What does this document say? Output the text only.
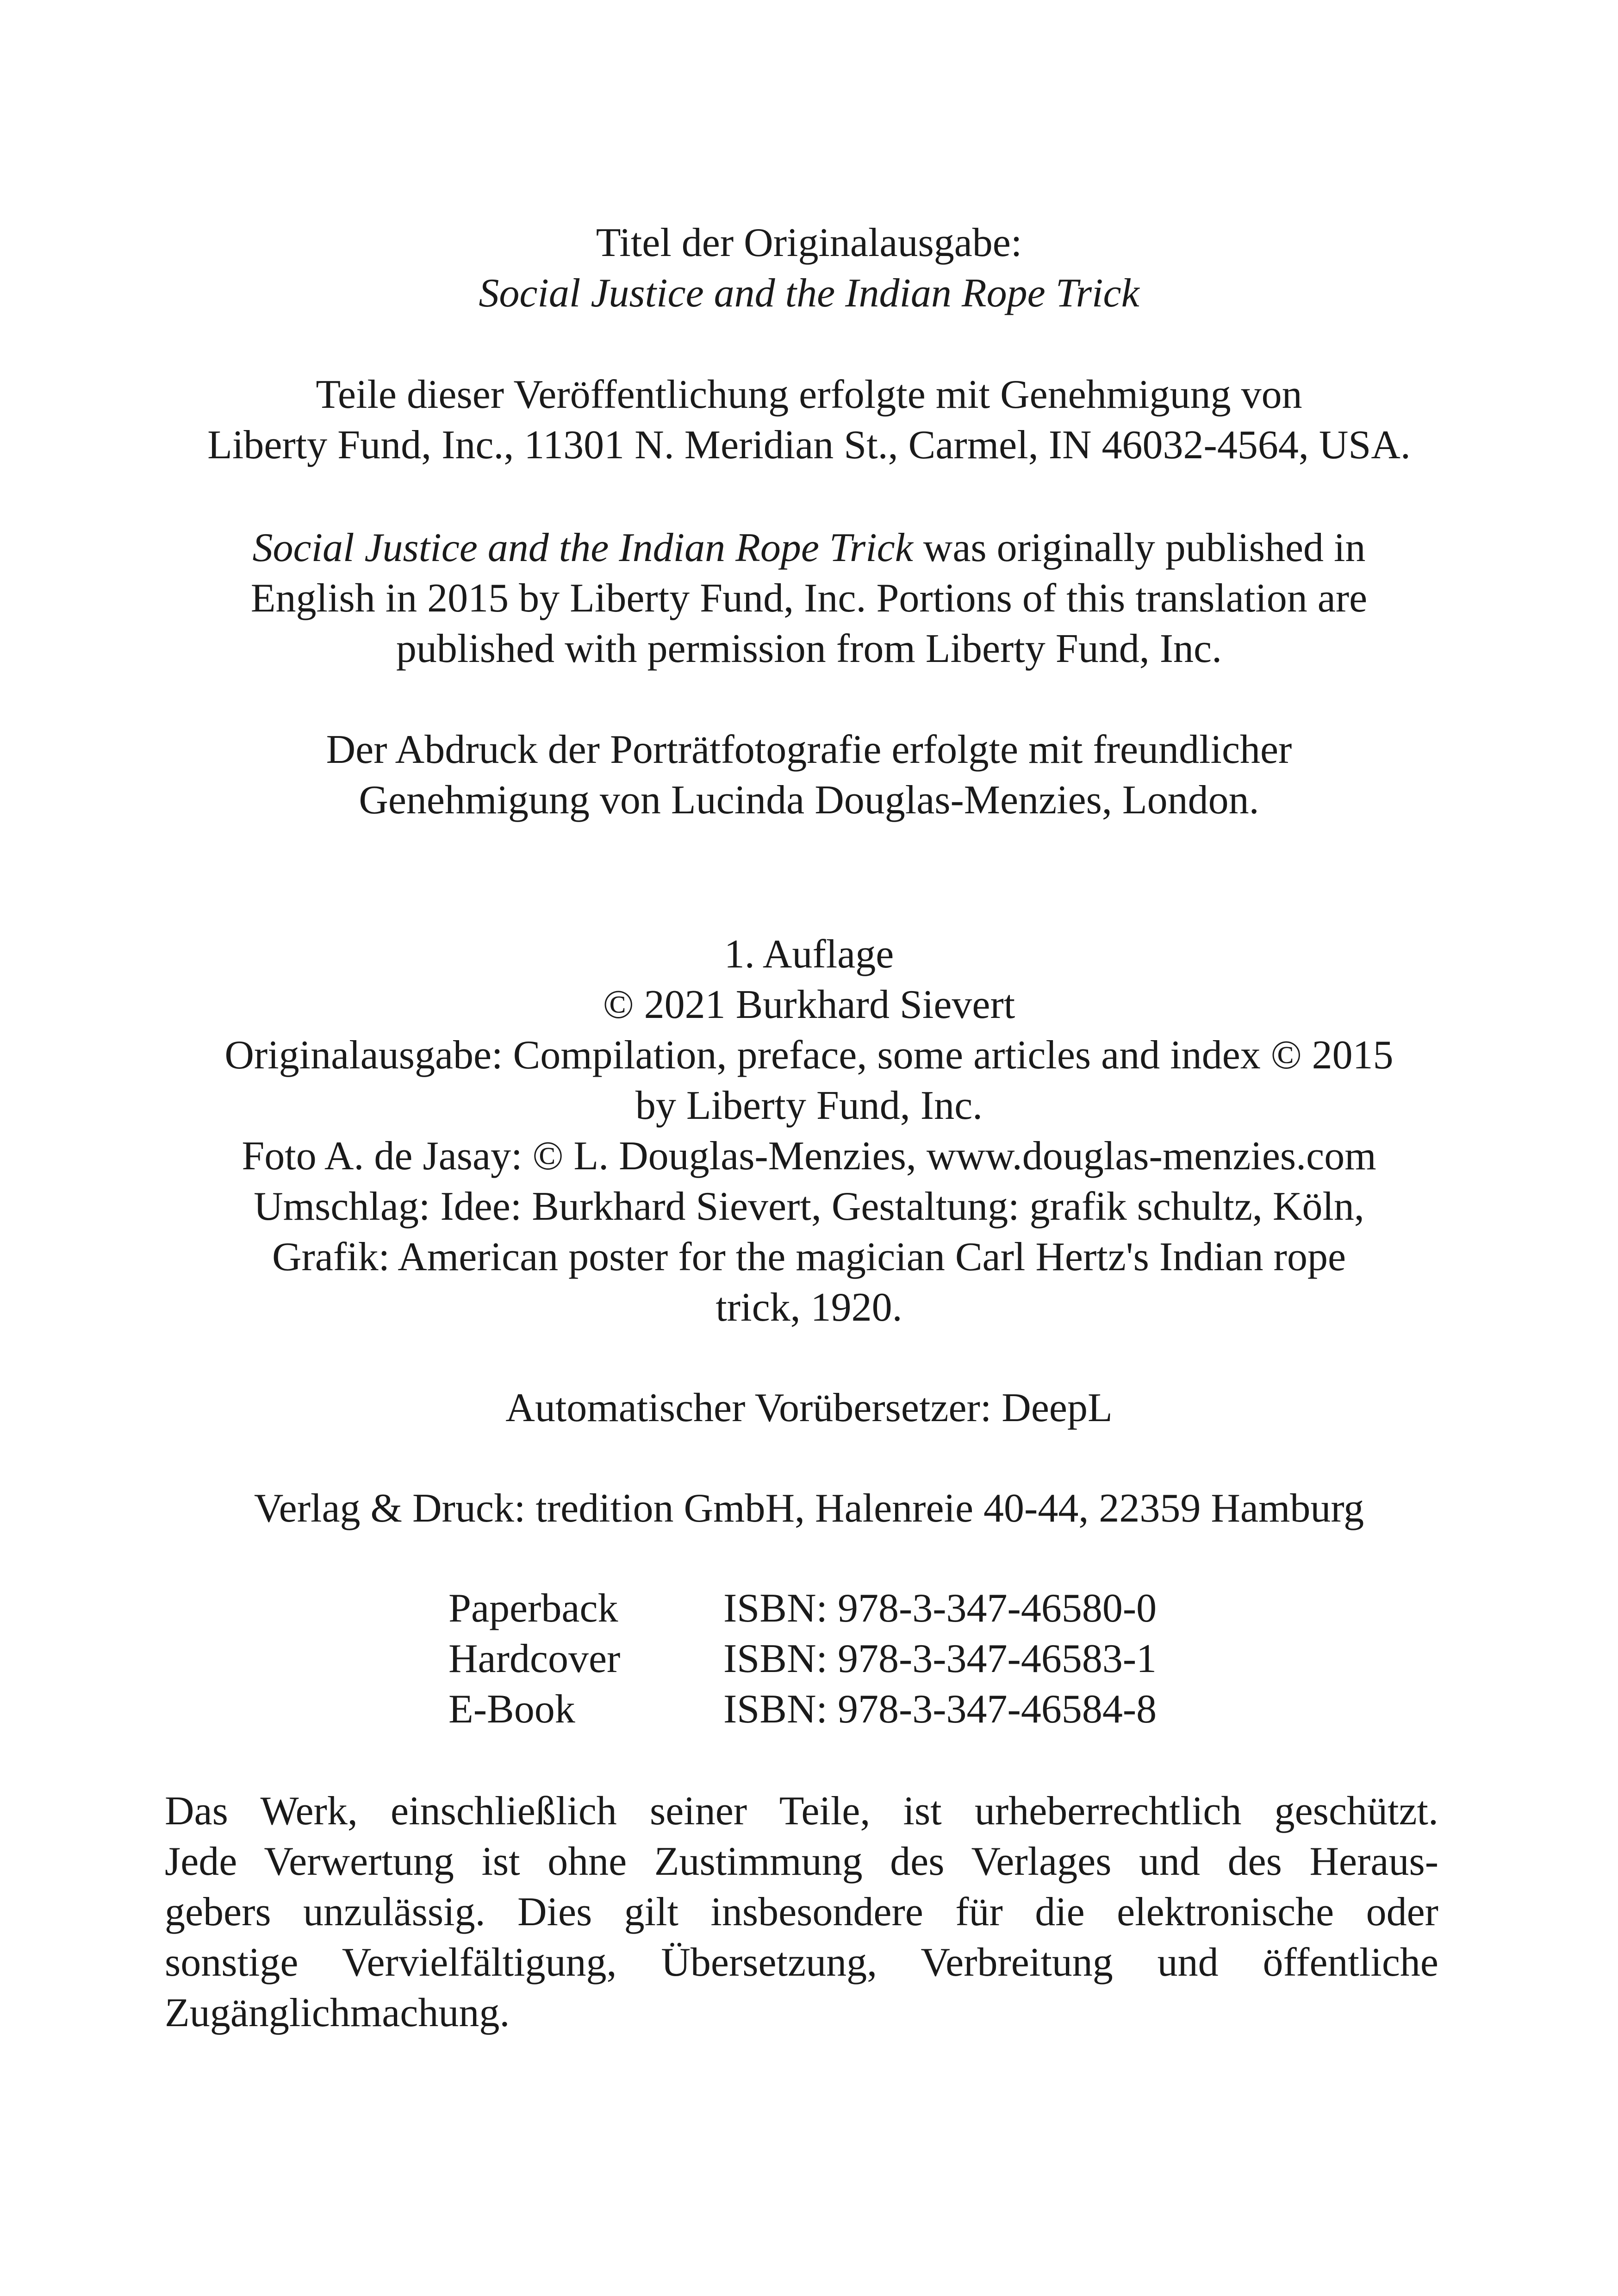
Titel der Originalausgabe:
Social Justice and the Indian Rope Trick
Teile dieser Veröffentlichung erfolgte mit Genehmigung von
Liberty Fund, Inc., 11301 N. Meridian St., Carmel, IN 46032-4564, USA.
Social Justice and the Indian Rope Trick was originally published in
English in 2015 by Liberty Fund, Inc. Portions of this translation are
published with permission from Liberty Fund, Inc.
Der Abdruck der Porträtfotografie erfolgte mit freundlicher
Genehmigung von Lucinda Douglas-Menzies, London.
1. Auflage
© 2021 Burkhard Sievert
Originalausgabe: Compilation, preface, some articles and index © 2015
by Liberty Fund, Inc.
Foto A. de Jasay: © L. Douglas-Menzies, www.douglas-menzies.com
Umschlag: Idee: Burkhard Sievert, Gestaltung: grafik schultz, Köln,
Grafik: American poster for the magician Carl Hertz's Indian rope
trick, 1920.
Automatischer Vorübersetzer: DeepL
Verlag & Druck: tredition GmbH, Halenreie 40-44, 22359 Hamburg
Paperback	ISBN: 978-3-347-46580-0
Hardcover	ISBN: 978-3-347-46583-1
E-Book	ISBN: 978-3-347-46584-8
Das Werk, einschließlich seiner Teile, ist urheberrechtlich geschützt.
Jede Verwertung ist ohne Zustimmung des Verlages und des Heraus-
gebers unzulässig. Dies gilt insbesondere für die elektronische oder
sonstige Vervielfältigung, Übersetzung, Verbreitung und öffentliche
Zugänglichmachung.
